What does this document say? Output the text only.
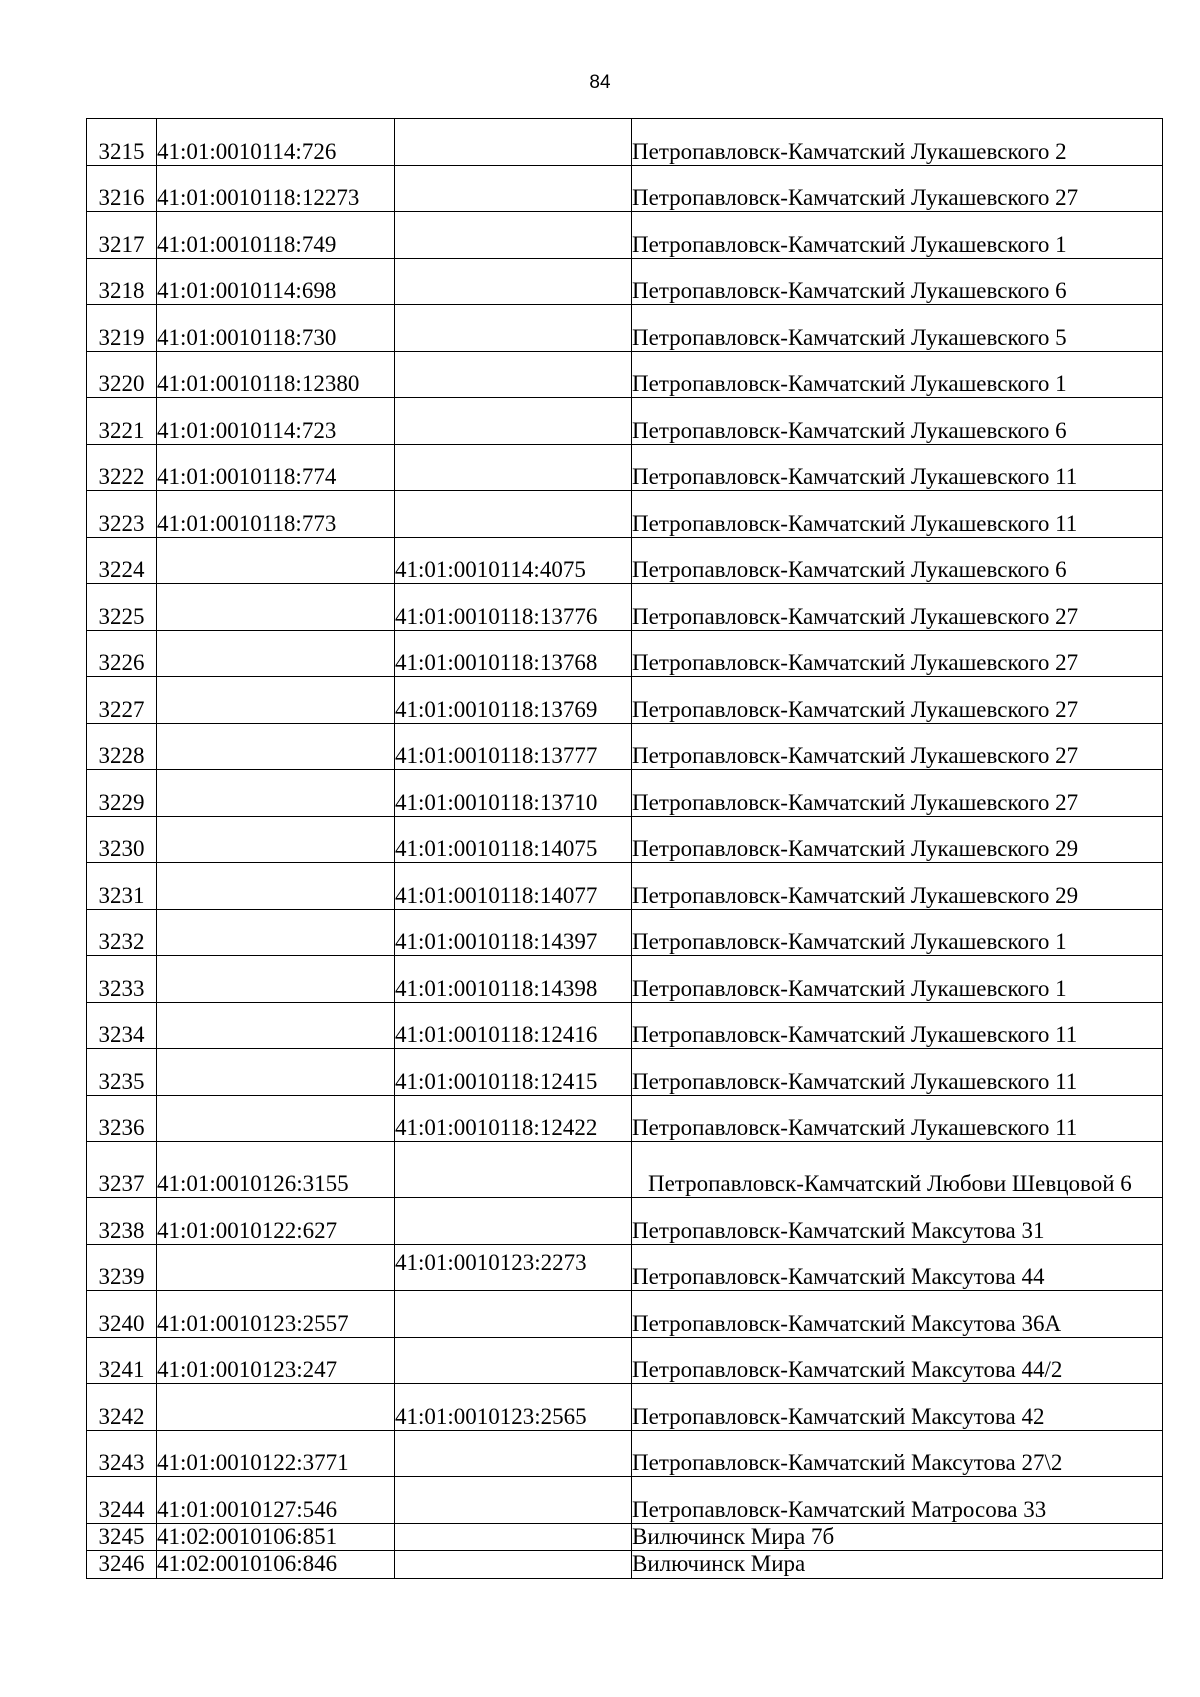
84
3215	41:01:0010114:726		Петропавловск-Камчатский Лукашевского 2
3216	41:01:0010118:12273		Петропавловск-Камчатский Лукашевского 27
3217	41:01:0010118:749		Петропавловск-Камчатский Лукашевского 1
3218	41:01:0010114:698		Петропавловск-Камчатский Лукашевского 6
3219	41:01:0010118:730		Петропавловск-Камчатский Лукашевского 5
3220	41:01:0010118:12380		Петропавловск-Камчатский Лукашевского 1
3221	41:01:0010114:723		Петропавловск-Камчатский Лукашевского 6
3222	41:01:0010118:774		Петропавловск-Камчатский Лукашевского 11
3223	41:01:0010118:773		Петропавловск-Камчатский Лукашевского 11
3224		41:01:0010114:4075	Петропавловск-Камчатский Лукашевского 6
3225		41:01:0010118:13776	Петропавловск-Камчатский Лукашевского 27
3226		41:01:0010118:13768	Петропавловск-Камчатский Лукашевского 27
3227		41:01:0010118:13769	Петропавловск-Камчатский Лукашевского 27
3228		41:01:0010118:13777	Петропавловск-Камчатский Лукашевского 27
3229		41:01:0010118:13710	Петропавловск-Камчатский Лукашевского 27
3230		41:01:0010118:14075	Петропавловск-Камчатский Лукашевского 29
3231		41:01:0010118:14077	Петропавловск-Камчатский Лукашевского 29
3232		41:01:0010118:14397	Петропавловск-Камчатский Лукашевского 1
3233		41:01:0010118:14398	Петропавловск-Камчатский Лукашевского 1
3234		41:01:0010118:12416	Петропавловск-Камчатский Лукашевского 11
3235		41:01:0010118:12415	Петропавловск-Камчатский Лукашевского 11
3236		41:01:0010118:12422	Петропавловск-Камчатский Лукашевского 11
3237	41:01:0010126:3155		Петропавловск-Камчатский Любови Шевцовой 6
3238	41:01:0010122:627		Петропавловск-Камчатский Максутова 31
3239		41:01:0010123:2273	Петропавловск-Камчатский Максутова 44
3240	41:01:0010123:2557		Петропавловск-Камчатский Максутова 36А
3241	41:01:0010123:247		Петропавловск-Камчатский Максутова 44/2
3242		41:01:0010123:2565	Петропавловск-Камчатский Максутова 42
3243	41:01:0010122:3771		Петропавловск-Камчатский Максутова 27\2
3244	41:01:0010127:546		Петропавловск-Камчатский Матросова 33
3245	41:02:0010106:851		Вилючинск Мира 7б
3246	41:02:0010106:846		Вилючинск Мира
